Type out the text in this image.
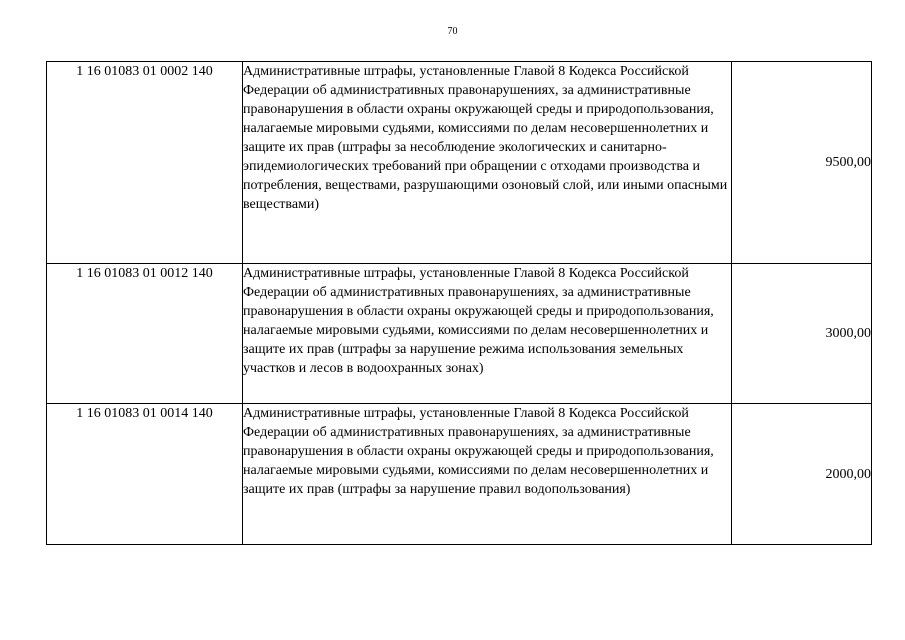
70
1 16 01083 01 0002 140	Административные штрафы, установленные Главой 8 Кодекса Российской Федерации об административных правонарушениях, за административные правонарушения в области охраны окружающей среды и природопользования, налагаемые мировыми судьями, комиссиями по делам несовершеннолетних и защите их прав (штрафы за несоблюдение экологических и санитарно-эпидемиологических требований при обращении с отходами производства и потребления, веществами, разрушающими озоновый слой, или иными опасными веществами)	9500,00
1 16 01083 01 0012 140	Административные штрафы, установленные Главой 8 Кодекса Российской Федерации об административных правонарушениях, за административные правонарушения в области охраны окружающей среды и природопользования, налагаемые мировыми судьями, комиссиями по делам несовершеннолетних и защите их прав (штрафы за нарушение режима использования земельных участков и лесов в водоохранных зонах)	3000,00
1 16 01083 01 0014 140	Административные штрафы, установленные Главой 8 Кодекса Российской Федерации об административных правонарушениях, за административные правонарушения в области охраны окружающей среды и природопользования, налагаемые мировыми судьями, комиссиями по делам несовершеннолетних и защите их прав (штрафы за нарушение правил водопользования)	2000,00
